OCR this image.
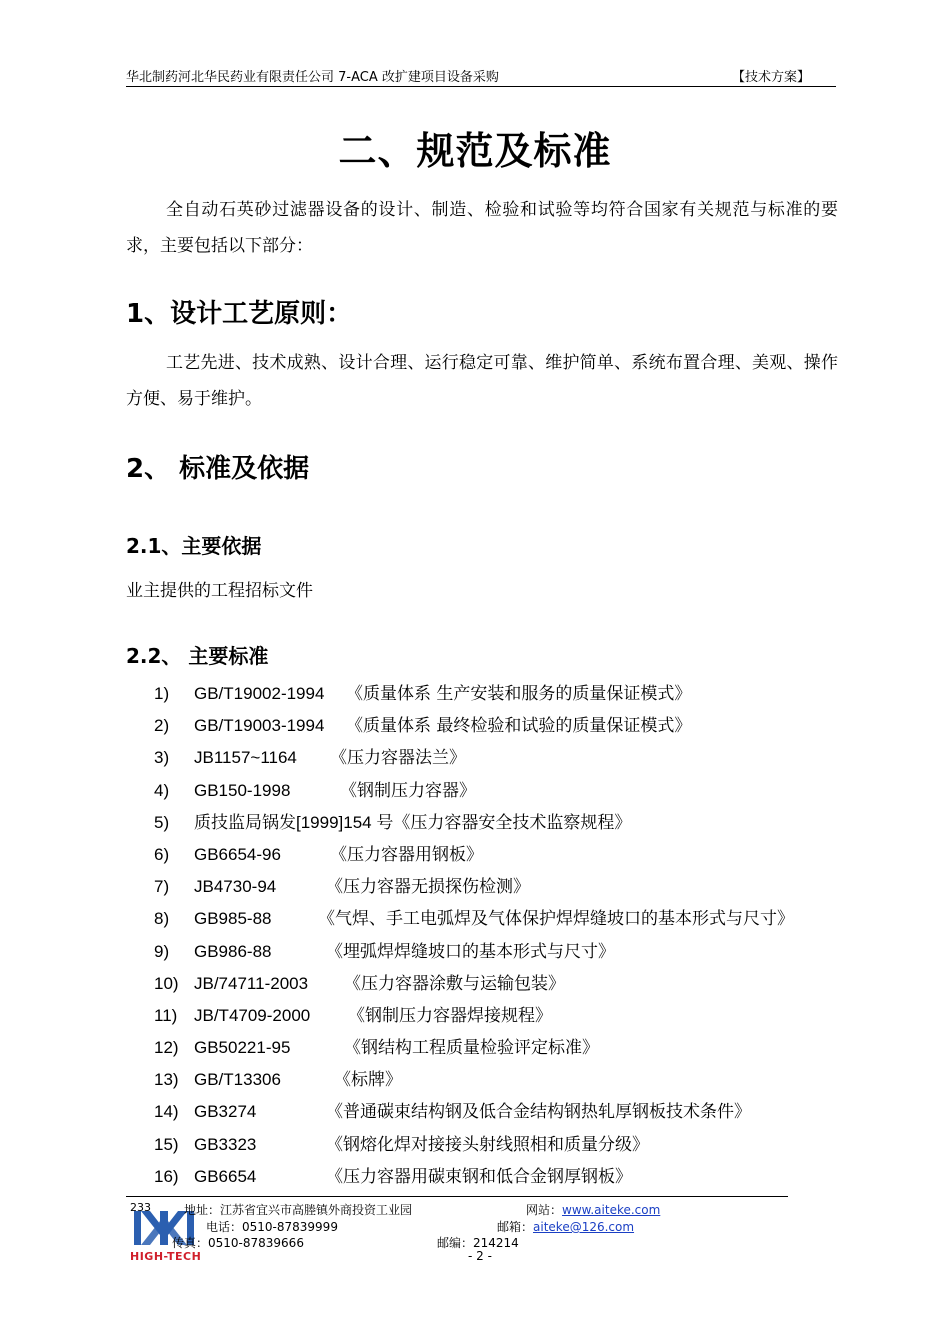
华北制药河北华民药业有限责任公司 7-ACA 改扩建项目设备采购	【技术方案】
二、规范及标准
全自动石英砂过滤器设备的设计、制造、检验和试验等均符合国家有关规范与标准的要求，主要包括以下部分：
1、设计工艺原则：
工艺先进、技术成熟、设计合理、运行稳定可靠、维护简单、系统布置合理、美观、操作方便、易于维护。
2、 标准及依据
2.1、主要依据
业主提供的工程招标文件
2.2、 主要标准
1) GB/T19002-1994 《质量体系 生产安装和服务的质量保证模式》
2) GB/T19003-1994 《质量体系 最终检验和试验的质量保证模式》
3) JB1157~1164 《压力容器法兰》
4) GB150-1998	《钢制压力容器》
5) 质技监局锅发[1999]154 号《压力容器安全技术监察规程》
6) GB6654-96	《压力容器用钢板》
7) JB4730-94	《压力容器无损探伤检测》
8) GB985-88	《气焊、手工电弧焊及气体保护焊焊缝坡口的基本形式与尺寸》
9) GB986-88	《埋弧焊焊缝坡口的基本形式与尺寸》
10) JB/74711-2003 《压力容器涂敷与运输包装》
11) JB/T4709-2000 《钢制压力容器焊接规程》
12) GB50221-95	《钢结构工程质量检验评定标准》
13) GB/T13306	《标牌》
14) GB3274	《普通碳束结构钢及低合金结构钢热轧厚钢板技术条件》
15) GB3323	《钢熔化焊对接接头射线照相和质量分级》
16) GB6654	《压力容器用碳束钢和低合金钢厚钢板》
HIGH-TECH
233	地址：江苏省宜兴市高塍镇外商投资工业园	网站：www.aiteke.com
电话：0510-87839999	邮箱：aiteke@126.com
传真：0510-87839666	邮编：214214
- 2 -
